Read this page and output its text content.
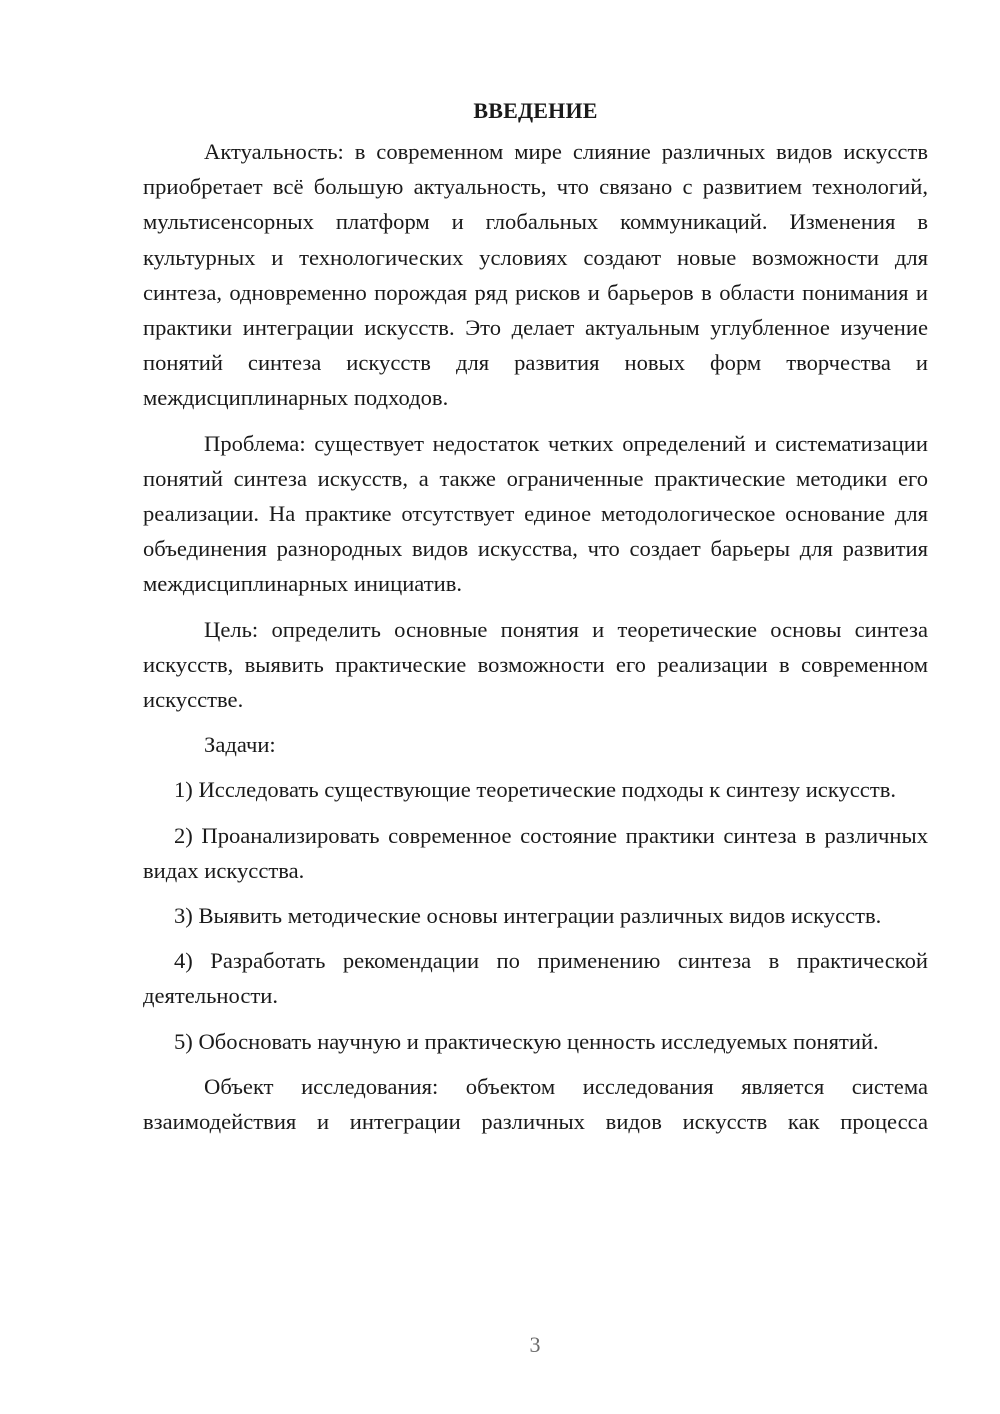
ВВЕДЕНИЕ

Актуальность: в современном мире слияние различных видов искусств приобретает всё большую актуальность, что связано с развитием технологий, мультисенсорных платформ и глобальных коммуникаций. Изменения в культурных и технологических условиях создают новые возможности для синтеза, одновременно порождая ряд рисков и барьеров в области понимания и практики интеграции искусств. Это делает актуальным углубленное изучение понятий синтеза искусств для развития новых форм творчества и междисциплинарных подходов.

Проблема: существует недостаток четких определений и систематизации понятий синтеза искусств, а также ограниченные практические методики его реализации. На практике отсутствует единое методологическое основание для объединения разнородных видов искусства, что создает барьеры для развития междисциплинарных инициатив.

Цель: определить основные понятия и теоретические основы синтеза искусств, выявить практические возможности его реализации в современном искусстве.

Задачи:

1) Исследовать существующие теоретические подходы к синтезу искусств.

2) Проанализировать современное состояние практики синтеза в различных видах искусства.

3) Выявить методические основы интеграции различных видов искусств.

4) Разработать рекомендации по применению синтеза в практической деятельности.

5) Обосновать научную и практическую ценность исследуемых понятий.

Объект исследования: объектом исследования является система взаимодействия и интеграции различных видов искусств как процесса

3
